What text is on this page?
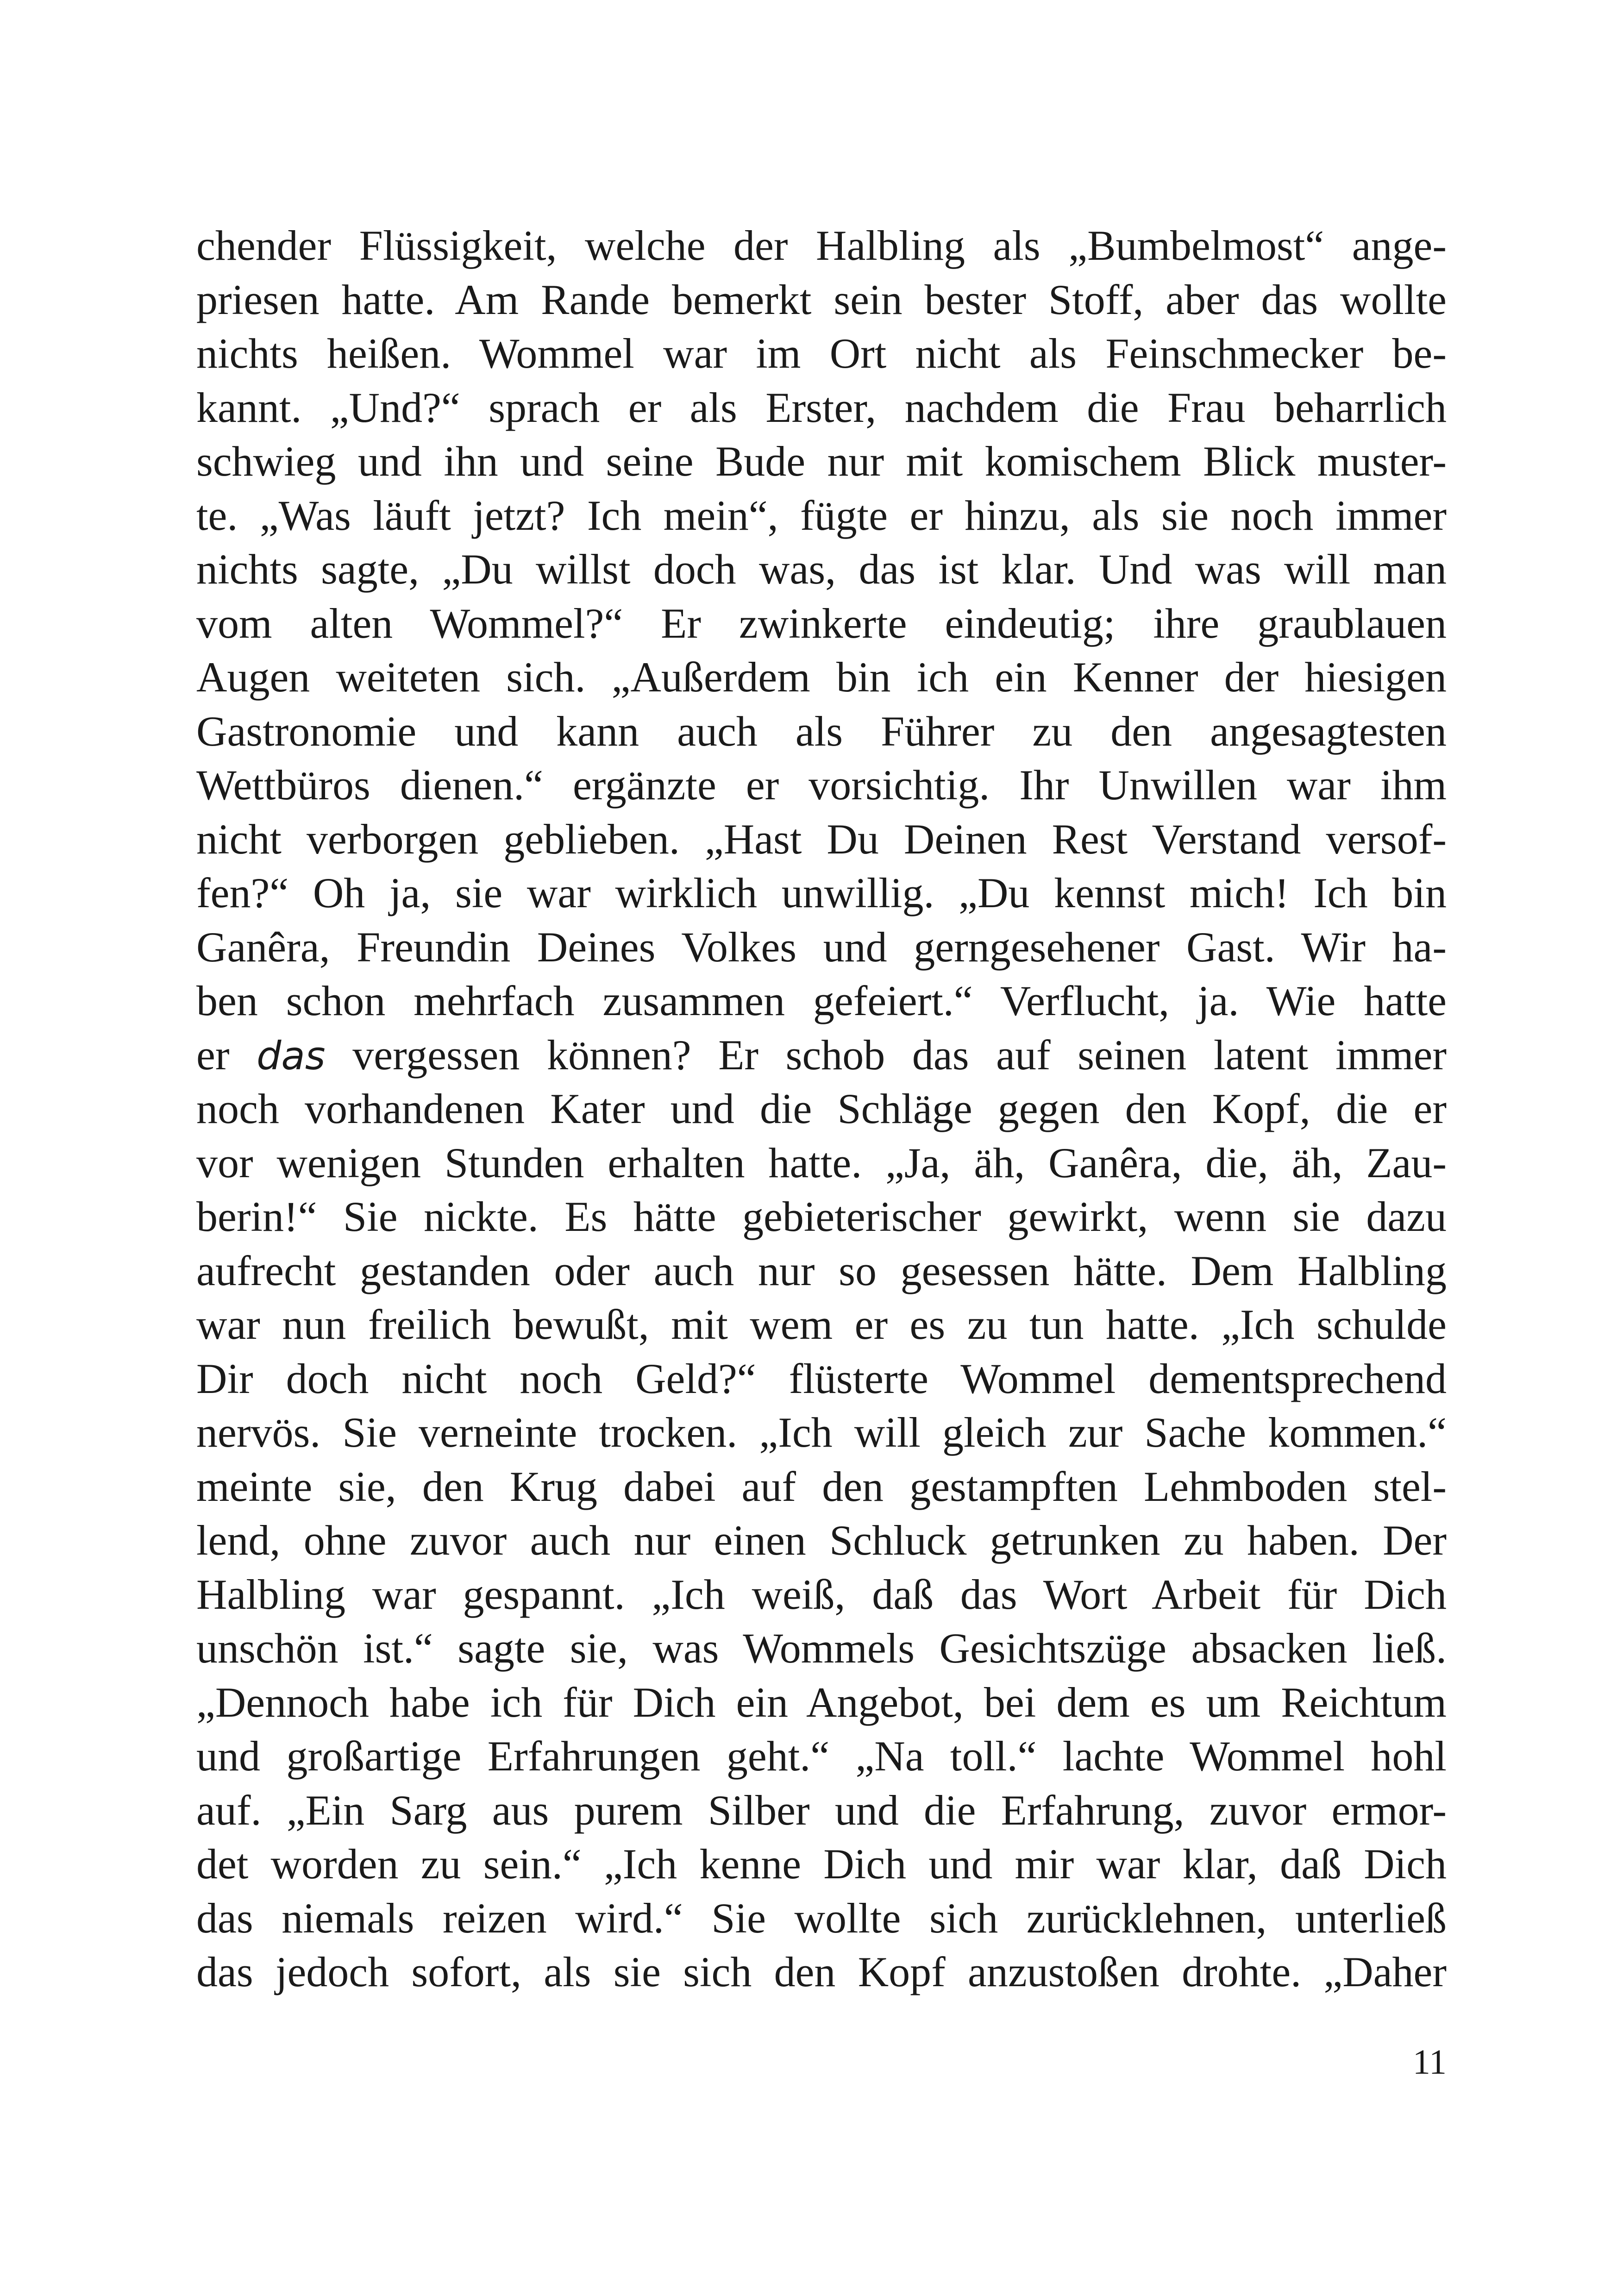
chender Flüssigkeit, welche der Halbling als „Bumbelmost“ ange-
priesen hatte. Am Rande bemerkt sein bester Stoff, aber das wollte
nichts heißen. Wommel war im Ort nicht als Feinschmecker be-
kannt. „Und?“ sprach er als Erster, nachdem die Frau beharrlich
schwieg und ihn und seine Bude nur mit komischem Blick muster-
te. „Was läuft jetzt? Ich mein“, fügte er hinzu, als sie noch immer
nichts sagte, „Du willst doch was, das ist klar. Und was will man
vom alten Wommel?“ Er zwinkerte eindeutig; ihre graublauen
Augen weiteten sich. „Außerdem bin ich ein Kenner der hiesigen
Gastronomie und kann auch als Führer zu den angesagtesten
Wettbüros dienen.“ ergänzte er vorsichtig. Ihr Unwillen war ihm
nicht verborgen geblieben. „Hast Du Deinen Rest Verstand versof-
fen?“ Oh ja, sie war wirklich unwillig. „Du kennst mich! Ich bin
Ganêra, Freundin Deines Volkes und gerngesehener Gast. Wir ha-
ben schon mehrfach zusammen gefeiert.“ Verflucht, ja. Wie hatte
er das vergessen können? Er schob das auf seinen latent immer
noch vorhandenen Kater und die Schläge gegen den Kopf, die er
vor wenigen Stunden erhalten hatte. „Ja, äh, Ganêra, die, äh, Zau-
berin!“ Sie nickte. Es hätte gebieterischer gewirkt, wenn sie dazu
aufrecht gestanden oder auch nur so gesessen hätte. Dem Halbling
war nun freilich bewußt, mit wem er es zu tun hatte. „Ich schulde
Dir doch nicht noch Geld?“ flüsterte Wommel dementsprechend
nervös. Sie verneinte trocken. „Ich will gleich zur Sache kommen.“
meinte sie, den Krug dabei auf den gestampften Lehmboden stel-
lend, ohne zuvor auch nur einen Schluck getrunken zu haben. Der
Halbling war gespannt. „Ich weiß, daß das Wort Arbeit für Dich
unschön ist.“ sagte sie, was Wommels Gesichtszüge absacken ließ.
„Dennoch habe ich für Dich ein Angebot, bei dem es um Reichtum
und großartige Erfahrungen geht.“ „Na toll.“ lachte Wommel hohl
auf. „Ein Sarg aus purem Silber und die Erfahrung, zuvor ermor-
det worden zu sein.“ „Ich kenne Dich und mir war klar, daß Dich
das niemals reizen wird.“ Sie wollte sich zurücklehnen, unterließ
das jedoch sofort, als sie sich den Kopf anzustoßen drohte. „Daher
11
